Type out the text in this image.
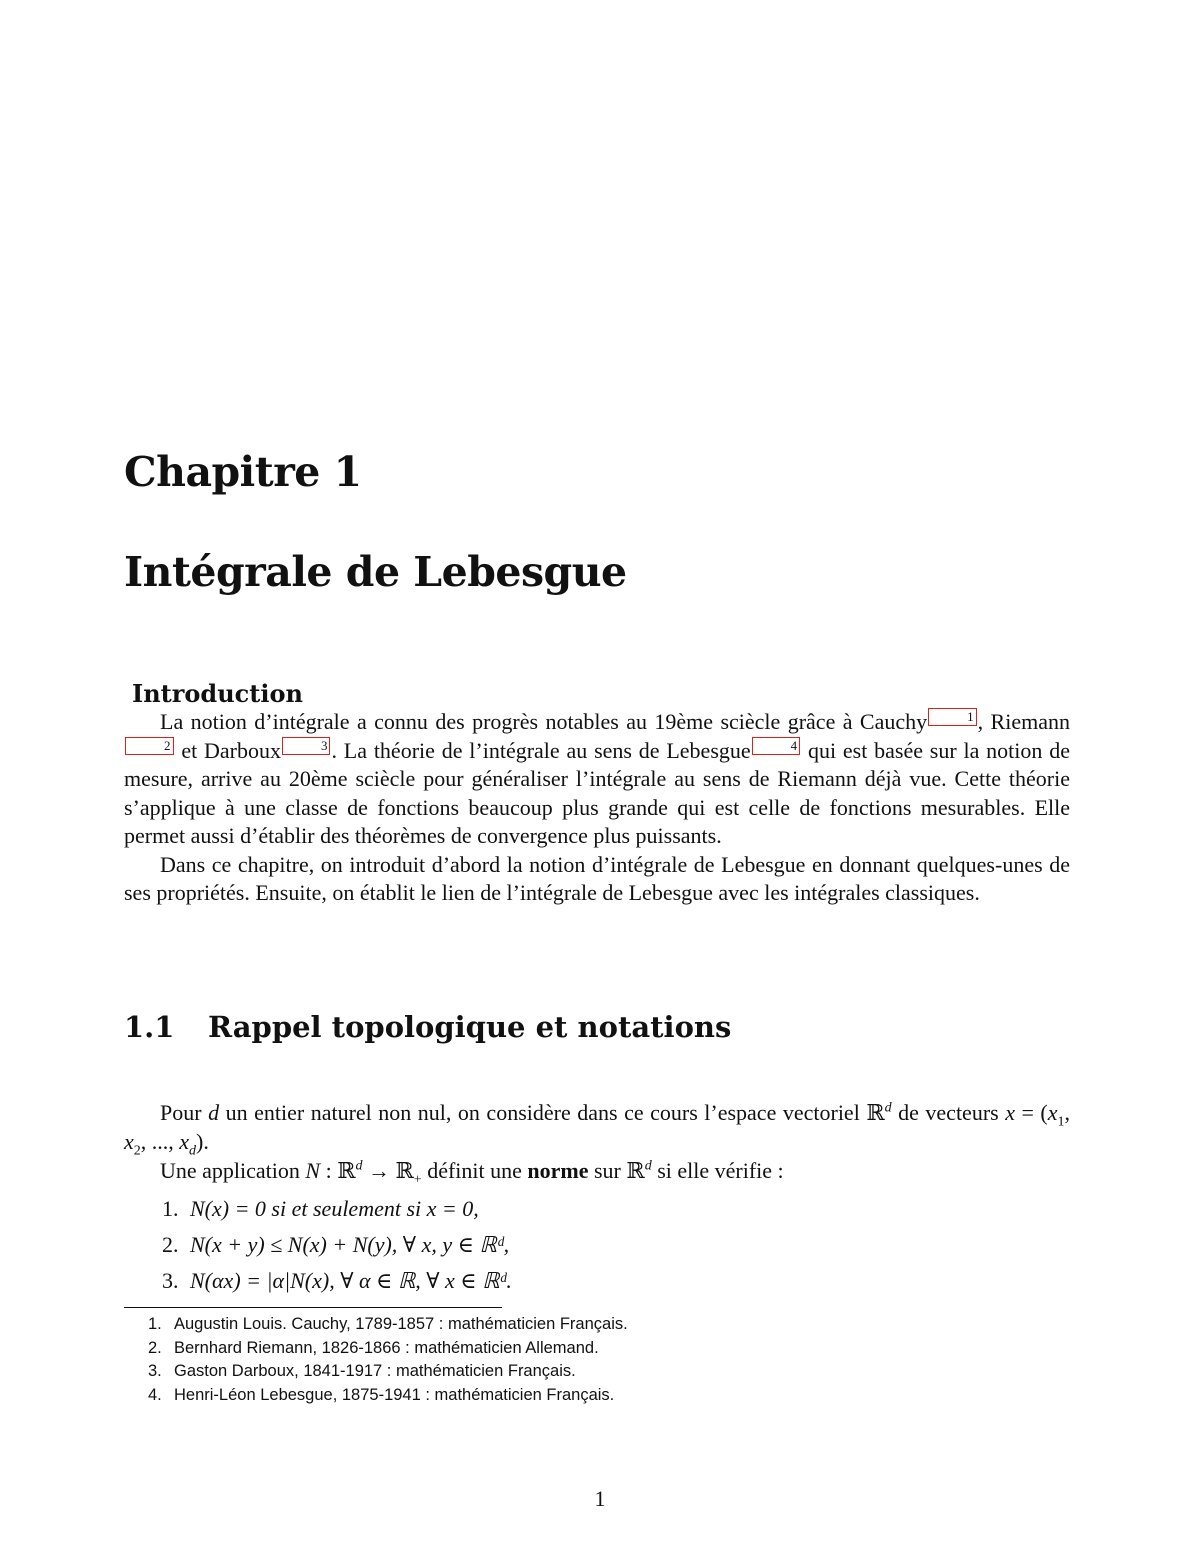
Chapitre 1
Intégrale de Lebesgue
Introduction

La notion d’intégrale a connu des progrès notables au 19ème sciècle grâce à Cauchy	1 , Riemann2 et Darboux	3 . La théorie de l’intégrale au sens de Lebesgue	4 qui est basée sur la notion de mesure, arrive au 20ème sciècle pour généraliser l’intégrale au sens de Riemann déjà vue. Cette théorie s’applique à une classe de fonctions beaucoup plus grande qui est celle de fonctions mesurables. Elle permet aussi d’établir des théorèmes de convergence plus puissants.

Dans ce chapitre, on introduit d’abord la notion d’intégrale de Lebesgue en donnant quelques-unes de ses propriétés. Ensuite, on établit le lien de l’intégrale de Lebesgue avec les intégrales classiques.

1.1 Rappel topologique et notations

Pour d un entier naturel non nul, on considère dans ce cours l’espace vectoriel ℝ$^d$ de vecteurs $x = (x_1$, $x_2$, ..., $x_d$).

Une application N : ℝ$^d$ → ℝ$_+$ définit une norme sur ℝ$^d$ si elle vérifie :

1. N(x) = 0 si et seulement si x = 0,
2. N(x + y) ≤ N(x) + N(y), ∀ x, y ∈ ℝᵈ,
3. N(αx) = |α|N(x), ∀ α ∈ ℝ, ∀ x ∈ ℝᵈ.
1. Augustin Louis. Cauchy, 1789-1857 : mathématicien Français.
2. Bernhard Riemann, 1826-1866 : mathématicien Allemand.
3. Gaston Darboux, 1841-1917 : mathématicien Français.
4. Henri-Léon Lebesgue, 1875-1941 : mathématicien Français.
1
